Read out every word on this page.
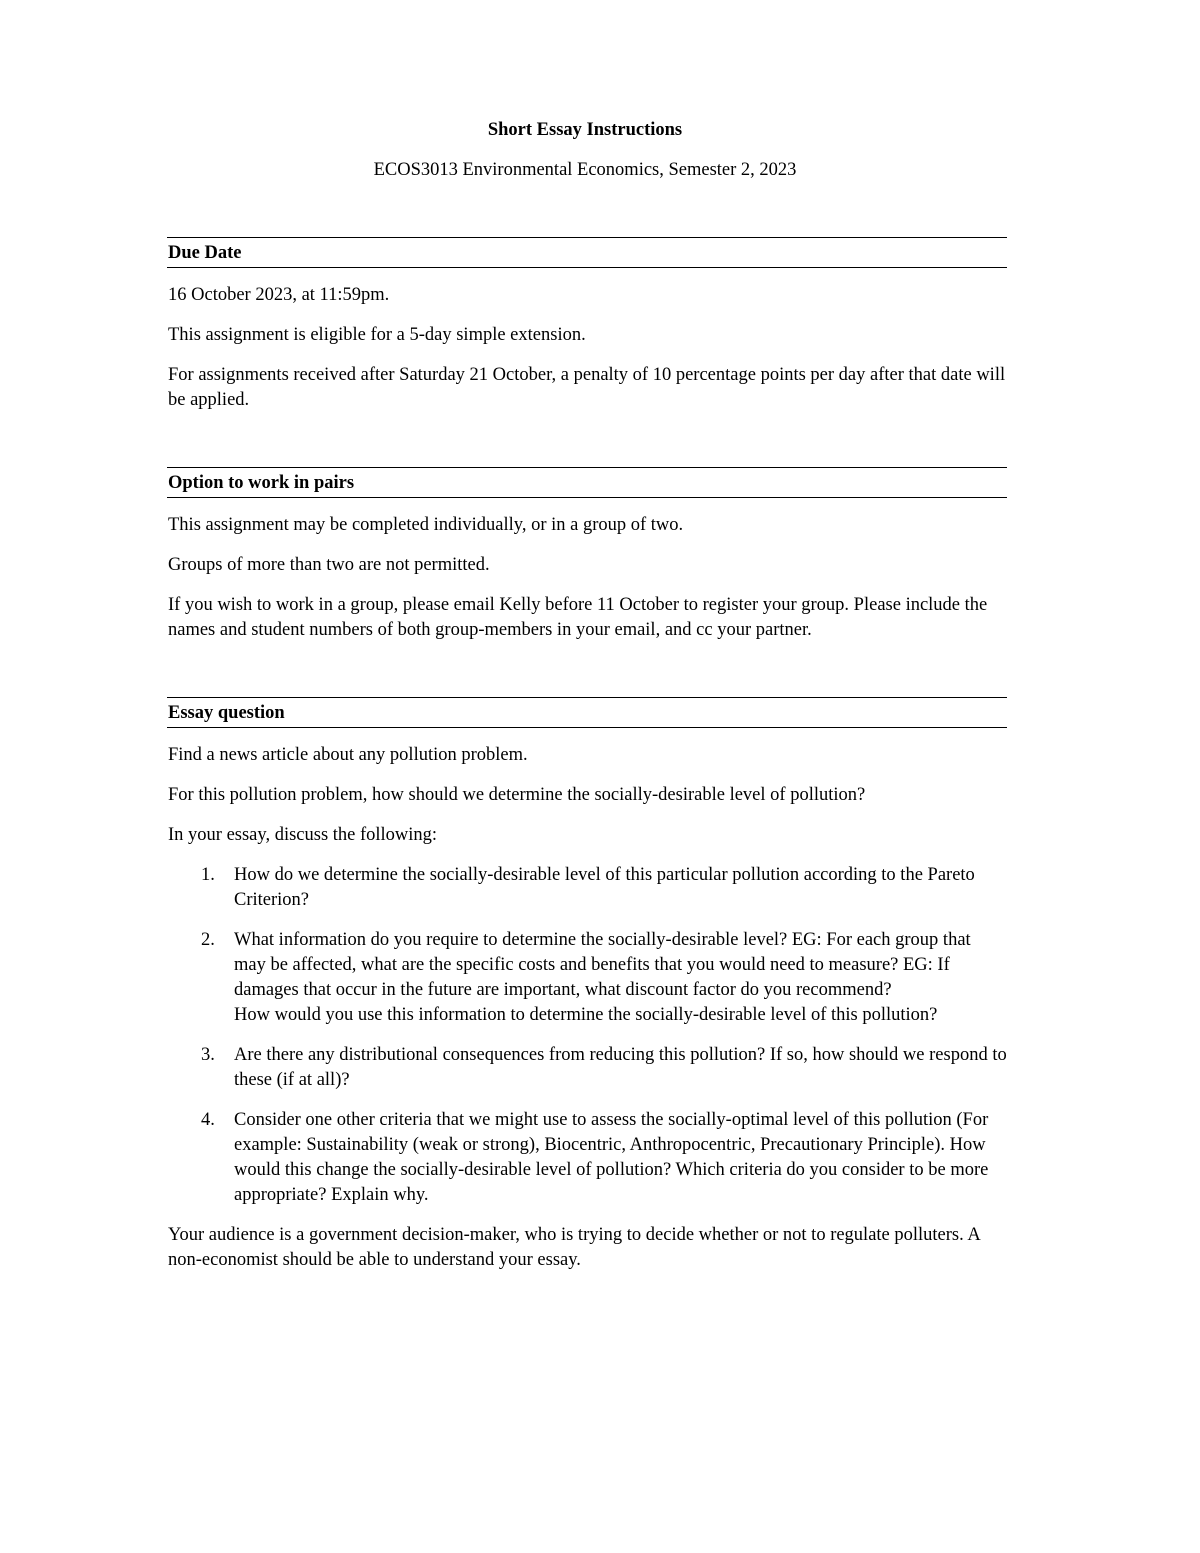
Short Essay Instructions

ECOS3013 Environmental Economics, Semester 2, 2023

Due Date

16 October 2023, at 11:59pm.

This assignment is eligible for a 5-day simple extension.

For assignments received after Saturday 21 October, a penalty of 10 percentage points per day after that date will be applied.

Option to work in pairs

This assignment may be completed individually, or in a group of two.

Groups of more than two are not permitted.

If you wish to work in a group, please email Kelly before 11 October to register your group. Please include the names and student numbers of both group-members in your email, and cc your partner.

Essay question

Find a news article about any pollution problem.

For this pollution problem, how should we determine the socially-desirable level of pollution?

In your essay, discuss the following:

1. How do we determine the socially-desirable level of this particular pollution according to the Pareto Criterion?
2. What information do you require to determine the socially-desirable level? EG: For each group that may be affected, what are the specific costs and benefits that you would need to measure? EG: If damages that occur in the future are important, what discount factor do you recommend?
How would you use this information to determine the socially-desirable level of this pollution?
3. Are there any distributional consequences from reducing this pollution? If so, how should we respond to these (if at all)?
4. Consider one other criteria that we might use to assess the socially-optimal level of this pollution (For example: Sustainability (weak or strong), Biocentric, Anthropocentric, Precautionary Principle). How would this change the socially-desirable level of pollution? Which criteria do you consider to be more appropriate? Explain why.

Your audience is a government decision-maker, who is trying to decide whether or not to regulate polluters. A non-economist should be able to understand your essay.
